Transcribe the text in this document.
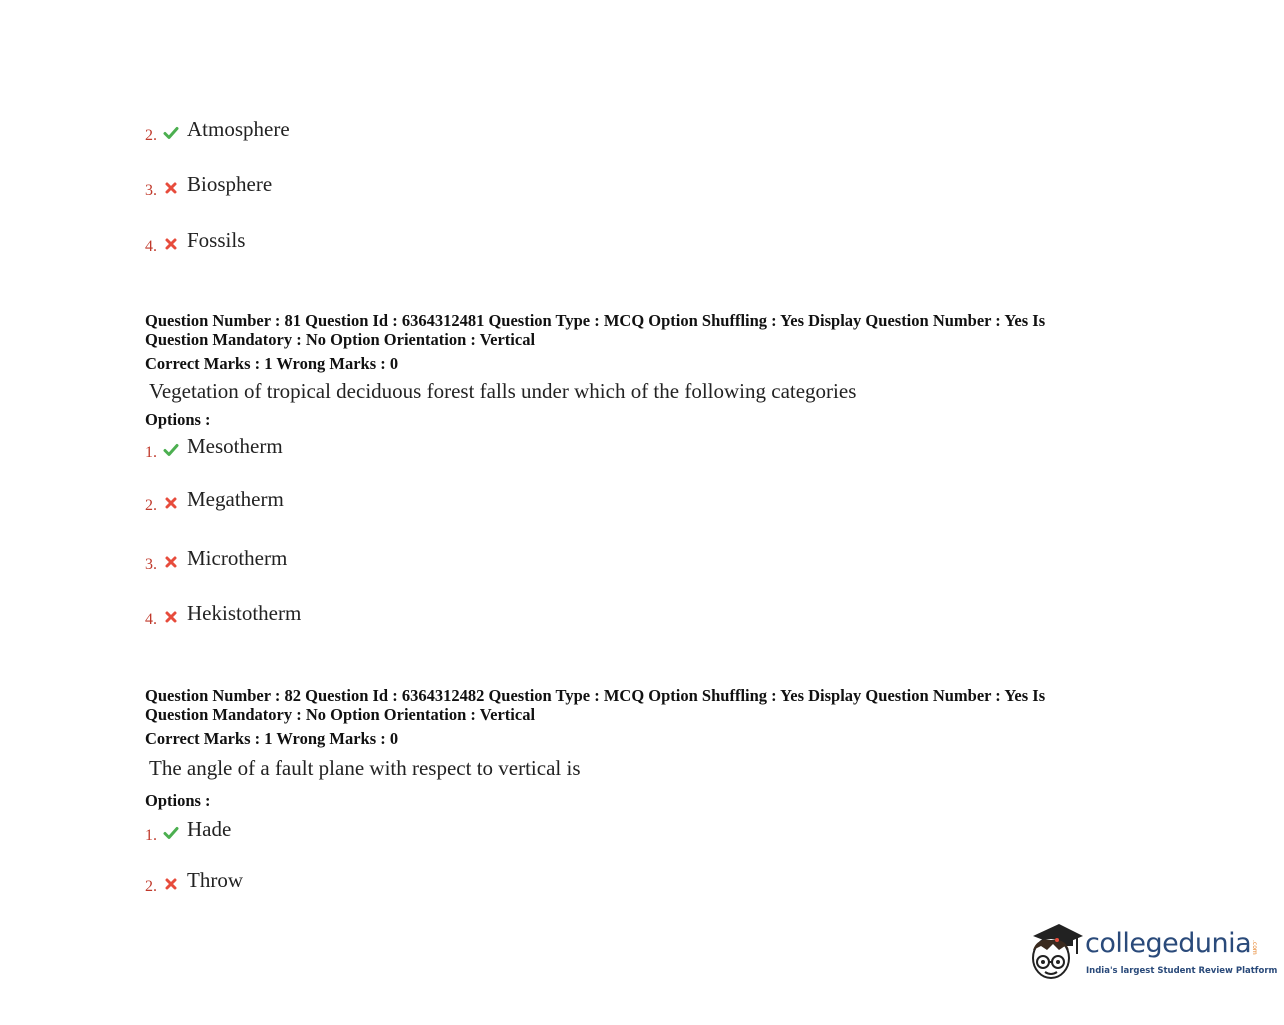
2. Atmosphere
3. Biosphere
4. Fossils
Question Number : 81 Question Id : 6364312481 Question Type : MCQ Option Shuffling : Yes Display Question Number : Yes Is
Question Mandatory : No Option Orientation : Vertical
Correct Marks : 1 Wrong Marks : 0
Vegetation of tropical deciduous forest falls under which of the following categories
Options :
1. Mesotherm
2. Megatherm
3. Microtherm
4. Hekistotherm
Question Number : 82 Question Id : 6364312482 Question Type : MCQ Option Shuffling : Yes Display Question Number : Yes Is
Question Mandatory : No Option Orientation : Vertical
Correct Marks : 1 Wrong Marks : 0
The angle of a fault plane with respect to vertical is
Options :
1. Hade
2. Throw
collegedunia .com
India's largest Student Review Platform
